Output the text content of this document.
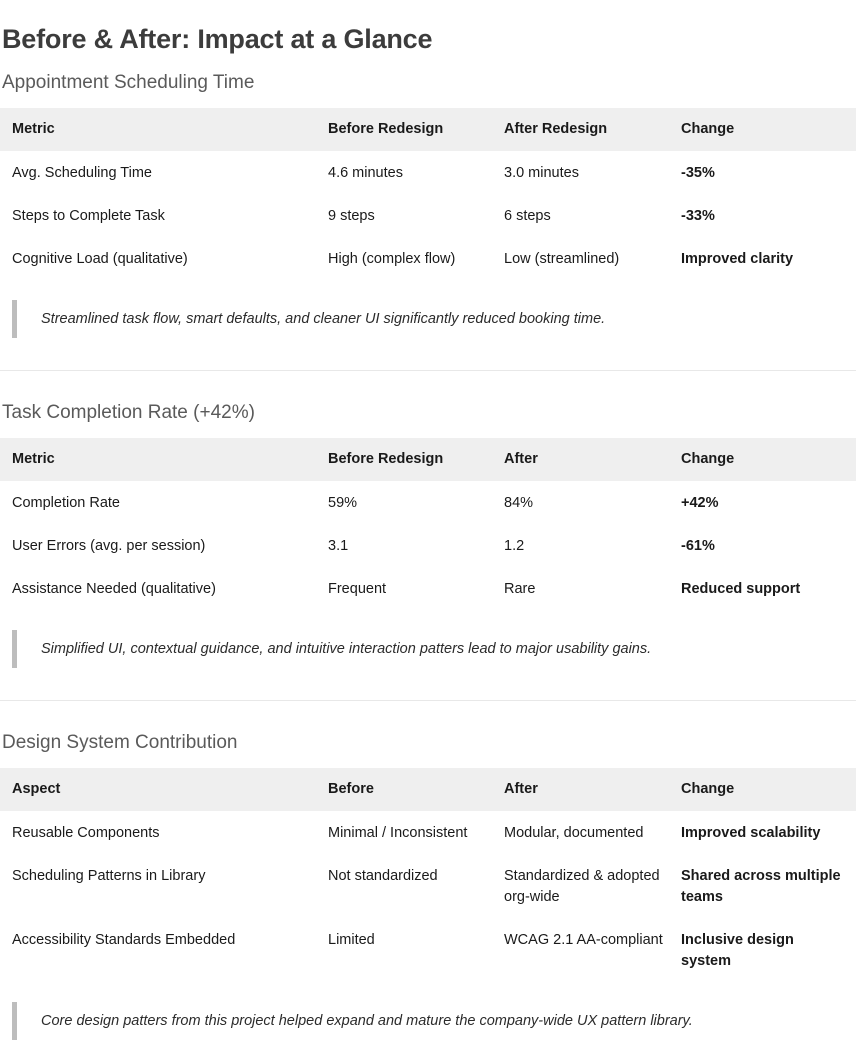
Before & After: Impact at a Glance
Appointment Scheduling Time
Metric	Before Redesign	After Redesign	Change
Avg. Scheduling Time	4.6 minutes	3.0 minutes	-35%
Steps to Complete Task	9 steps	6 steps	-33%
Cognitive Load (qualitative)	High (complex flow)	Low (streamlined)	Improved clarity
Streamlined task flow, smart defaults, and cleaner UI significantly reduced booking time.
Task Completion Rate (+42%)
Metric	Before Redesign	After	Change
Completion Rate	59%	84%	+42%
User Errors (avg. per session)	3.1	1.2	-61%
Assistance Needed (qualitative)	Frequent	Rare	Reduced support
Simplified UI, contextual guidance, and intuitive interaction patters lead to major usability gains.
Design System Contribution
Aspect	Before	After	Change
Reusable Components	Minimal / Inconsistent	Modular, documented	Improved scalability
Scheduling Patterns in Library	Not standardized	Standardized & adopted org-wide	Shared across multiple teams
Accessibility Standards Embedded	Limited	WCAG 2.1 AA-compliant	Inclusive design system
Core design patters from this project helped expand and mature the company-wide UX pattern library.
